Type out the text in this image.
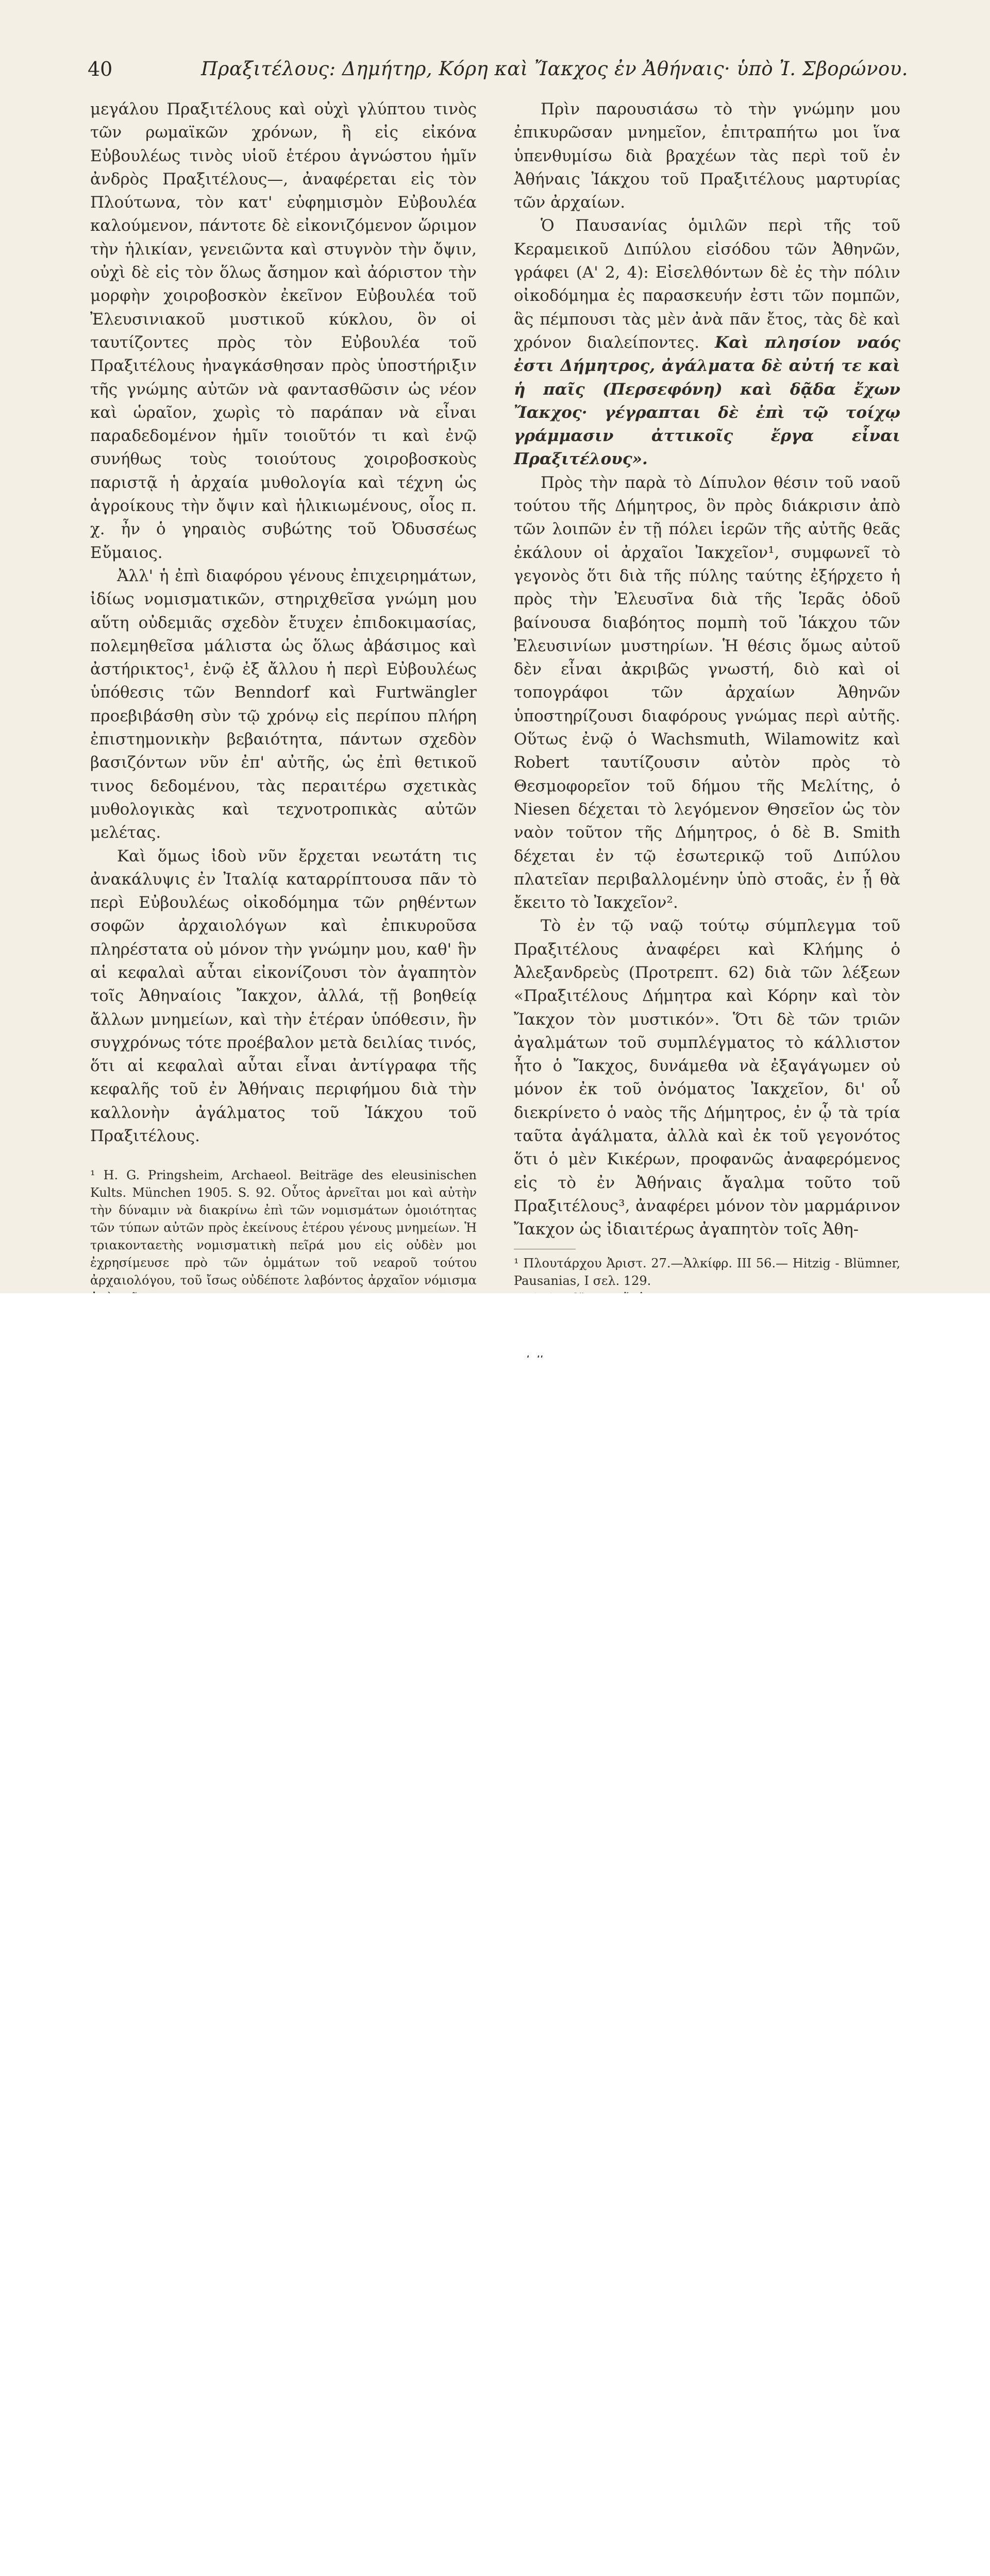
40	Πραξιτέλους: Δημήτηρ, Κόρη καὶ Ἴακχος ἐν Ἀθήναις· ὑπὸ Ἰ. Σβορώνου.

μεγάλου Πραξιτέλους καὶ οὐχὶ γλύπτου τινὸς τῶν ρωμαϊκῶν χρόνων, ἢ εἰς εἰκόνα Εὐβουλέως τινὸς υἱοῦ ἑτέρου ἀγνώστου ἡμῖν ἀνδρὸς Πραξιτέλους—, ἀναφέρεται εἰς τὸν Πλούτωνα, τὸν κατ' εὐφημισμὸν Εὐβουλέα καλούμενον, πάντοτε δὲ εἰκονιζόμενον ὥριμον τὴν ἡλικίαν, γενειῶντα καὶ στυγνὸν τὴν ὄψιν, οὐχὶ δὲ εἰς τὸν ὅλως ἄσημον καὶ ἀόριστον τὴν μορφὴν χοιροβοσκὸν ἐκεῖνον Εὐβουλέα τοῦ Ἐλευσινιακοῦ μυστικοῦ κύκλου, ὃν οἱ ταυτίζοντες πρὸς τὸν Εὐβουλέα τοῦ Πραξιτέλους ἠναγκάσθησαν πρὸς ὑποστήριξιν τῆς γνώμης αὐτῶν νὰ φαντασθῶσιν ὡς νέον καὶ ὡραῖον, χωρὶς τὸ παράπαν νὰ εἶναι παραδεδομένον ἡμῖν τοιοῦτόν τι καὶ ἐνῷ συνήθως τοὺς τοιούτους χοιροβοσκοὺς παριστᾷ ἡ ἀρχαία μυθολογία καὶ τέχνη ὡς ἀγροίκους τὴν ὄψιν καὶ ἡλικιωμένους, οἷος π. χ. ἦν ὁ γηραιὸς συβώτης τοῦ Ὀδυσσέως Εὔμαιος.

Ἀλλ' ἡ ἐπὶ διαφόρου γένους ἐπιχειρημάτων, ἰδίως νομισματικῶν, στηριχθεῖσα γνώμη μου αὕτη οὐδεμιᾶς σχεδὸν ἔτυχεν ἐπιδοκιμασίας, πολεμηθεῖσα μάλιστα ὡς ὅλως ἀβάσιμος καὶ ἀστήρικτος¹, ἐνῷ ἐξ ἄλλου ἡ περὶ Εὐβουλέως ὑπόθεσις τῶν Benndorf καὶ Furtwängler προεβιβάσθη σὺν τῷ χρόνῳ εἰς περίπου πλήρη ἐπιστημονικὴν βεβαιότητα, πάντων σχεδὸν βασιζόντων νῦν ἐπ' αὐτῆς, ὡς ἐπὶ θετικοῦ τινος δεδομένου, τὰς περαιτέρω σχετικὰς μυθολογικὰς καὶ τεχνοτροπικὰς αὐτῶν μελέτας.

Καὶ ὅμως ἰδοὺ νῦν ἔρχεται νεωτάτη τις ἀνακάλυψις ἐν Ἰταλίᾳ καταρρίπτουσα πᾶν τὸ περὶ Εὐβουλέως οἰκοδόμημα τῶν ρηθέντων σοφῶν ἀρχαιολόγων καὶ ἐπικυροῦσα πληρέστατα οὐ μόνον τὴν γνώμην μου, καθ' ἣν αἱ κεφαλαὶ αὗται εἰκονίζουσι τὸν ἀγαπητὸν τοῖς Ἀθηναίοις Ἴακχον, ἀλλά, τῇ βοηθείᾳ ἄλλων μνημείων, καὶ τὴν ἑτέραν ὑπόθεσιν, ἣν συγχρόνως τότε προέβαλον μετὰ δειλίας τινός, ὅτι αἱ κεφαλαὶ αὗται εἶναι ἀντίγραφα τῆς κεφαλῆς τοῦ ἐν Ἀθήναις περιφήμου διὰ τὴν καλλονὴν ἀγάλματος τοῦ Ἰάκχου τοῦ Πραξιτέλους.

¹ H. G. Pringsheim, Archaeol. Beiträge des eleusinischen Kults. München 1905. S. 92. Οὗτος ἀρνεῖται μοι καὶ αὐτὴν τὴν δύναμιν νὰ διακρίνω ἐπὶ τῶν νομισμάτων ὁμοιότητας τῶν τύπων αὐτῶν πρὸς ἐκείνους ἑτέρου γένους μνημείων. Ἡ τριακονταετὴς νομισματικὴ πεῖρά μου εἰς οὐδὲν μοι ἐχρησίμευσε πρὸ τῶν ὀμμάτων τοῦ νεαροῦ τούτου ἀρχαιολόγου, τοῦ ἴσως οὐδέποτε λαβόντος ἀρχαῖον νόμισμα

Πρὶν παρουσιάσω τὸ τὴν γνώμην μου ἐπικυρῶσαν μνημεῖον, ἐπιτραπήτω μοι ἵνα ὑπενθυμίσω διὰ βραχέων τὰς περὶ τοῦ ἐν Ἀθήναις Ἰάκχου τοῦ Πραξιτέλους μαρτυρίας τῶν ἀρχαίων.

Ὁ Παυσανίας ὁμιλῶν περὶ τῆς τοῦ Κεραμεικοῦ Διπύλου εἰσόδου τῶν Ἀθηνῶν, γράφει (Α' 2, 4): Εἰσελθόντων δὲ ἐς τὴν πόλιν οἰκοδόμημα ἐς παρασκευήν ἐστι τῶν πομπῶν, ἃς πέμπουσι τὰς μὲν ἀνὰ πᾶν ἔτος, τὰς δὲ καὶ χρόνον διαλείποντες. Καὶ πλησίον ναός ἐστι Δήμητρος, ἀγάλματα δὲ αὐτή τε καὶ ἡ παῖς (Περσεφόνη) καὶ δᾷδα ἔχων Ἴακχος· γέγραπται δὲ ἐπὶ τῷ τοίχῳ γράμμασιν ἀττικοῖς ἔργα εἶναι Πραξιτέλους».

Πρὸς τὴν παρὰ τὸ Δίπυλον θέσιν τοῦ ναοῦ τούτου τῆς Δήμητρος, ὃν πρὸς διάκρισιν ἀπὸ τῶν λοιπῶν ἐν τῇ πόλει ἱερῶν τῆς αὐτῆς θεᾶς ἐκάλουν οἱ ἀρχαῖοι Ἰακχεῖον¹, συμφωνεῖ τὸ γεγονὸς ὅτι διὰ τῆς πύλης ταύτης ἐξήρχετο ἡ πρὸς τὴν Ἐλευσῖνα διὰ τῆς Ἱερᾶς ὁδοῦ βαίνουσα διαβόητος πομπὴ τοῦ Ἰάκχου τῶν Ἐλευσινίων μυστηρίων. Ἡ θέσις ὅμως αὐτοῦ δὲν εἶναι ἀκριβῶς γνωστή, διὸ καὶ οἱ τοπογράφοι τῶν ἀρχαίων Ἀθηνῶν ὑποστηρίζουσι διαφόρους γνώμας περὶ αὐτῆς. Οὕτως ἐνῷ ὁ Wachsmuth, Wilamowitz καὶ Robert ταυτίζουσιν αὐτὸν πρὸς τὸ Θεσμοφορεῖον τοῦ δήμου τῆς Μελίτης, ὁ Niesen δέχεται τὸ λεγόμενον Θησεῖον ὡς τὸν ναὸν τοῦτον τῆς Δήμητρος, ὁ δὲ B. Smith δέχεται ἐν τῷ ἐσωτερικῷ τοῦ Διπύλου πλατεῖαν περιβαλλομένην ὑπὸ στοᾶς, ἐν ᾗ θὰ ἔκειτο τὸ Ἰακχεῖον².

Τὸ ἐν τῷ ναῷ τούτῳ σύμπλεγμα τοῦ Πραξιτέλους ἀναφέρει καὶ Κλήμης ὁ Ἀλεξανδρεὺς (Προτρεπτ. 62) διὰ τῶν λέξεων «Πραξιτέλους Δήμητρα καὶ Κόρην καὶ τὸν Ἴακχον τὸν μυστικόν». Ὅτι δὲ τῶν τριῶν ἀγαλμάτων τοῦ συμπλέγματος τὸ κάλλιστον ἦτο ὁ Ἴακχος, δυνάμεθα νὰ ἐξαγάγωμεν οὐ μόνον ἐκ τοῦ ὀνόματος Ἰακχεῖον, δι' οὗ διεκρίνετο ὁ ναὸς τῆς Δήμητρος, ἐν ᾧ τὰ τρία ταῦτα ἀγάλματα, ἀλλὰ καὶ ἐκ τοῦ γεγονότος ὅτι ὁ μὲν Κικέρων, προφανῶς ἀναφερόμενος εἰς τὸ ἐν Ἀθήναις ἄγαλμα τοῦτο τοῦ Πραξιτέλους³, ἀναφέρει μόνον τὸν μαρμάρινον Ἴακχον ὡς ἰδιαιτέρως ἀγαπητὸν τοῖς Ἀθη-

¹ Πλουτάρχου Ἀριστ. 27.—Ἀλκίφρ. III 56.— Hitzig - Blümner, Pausanias, I σελ. 129.
